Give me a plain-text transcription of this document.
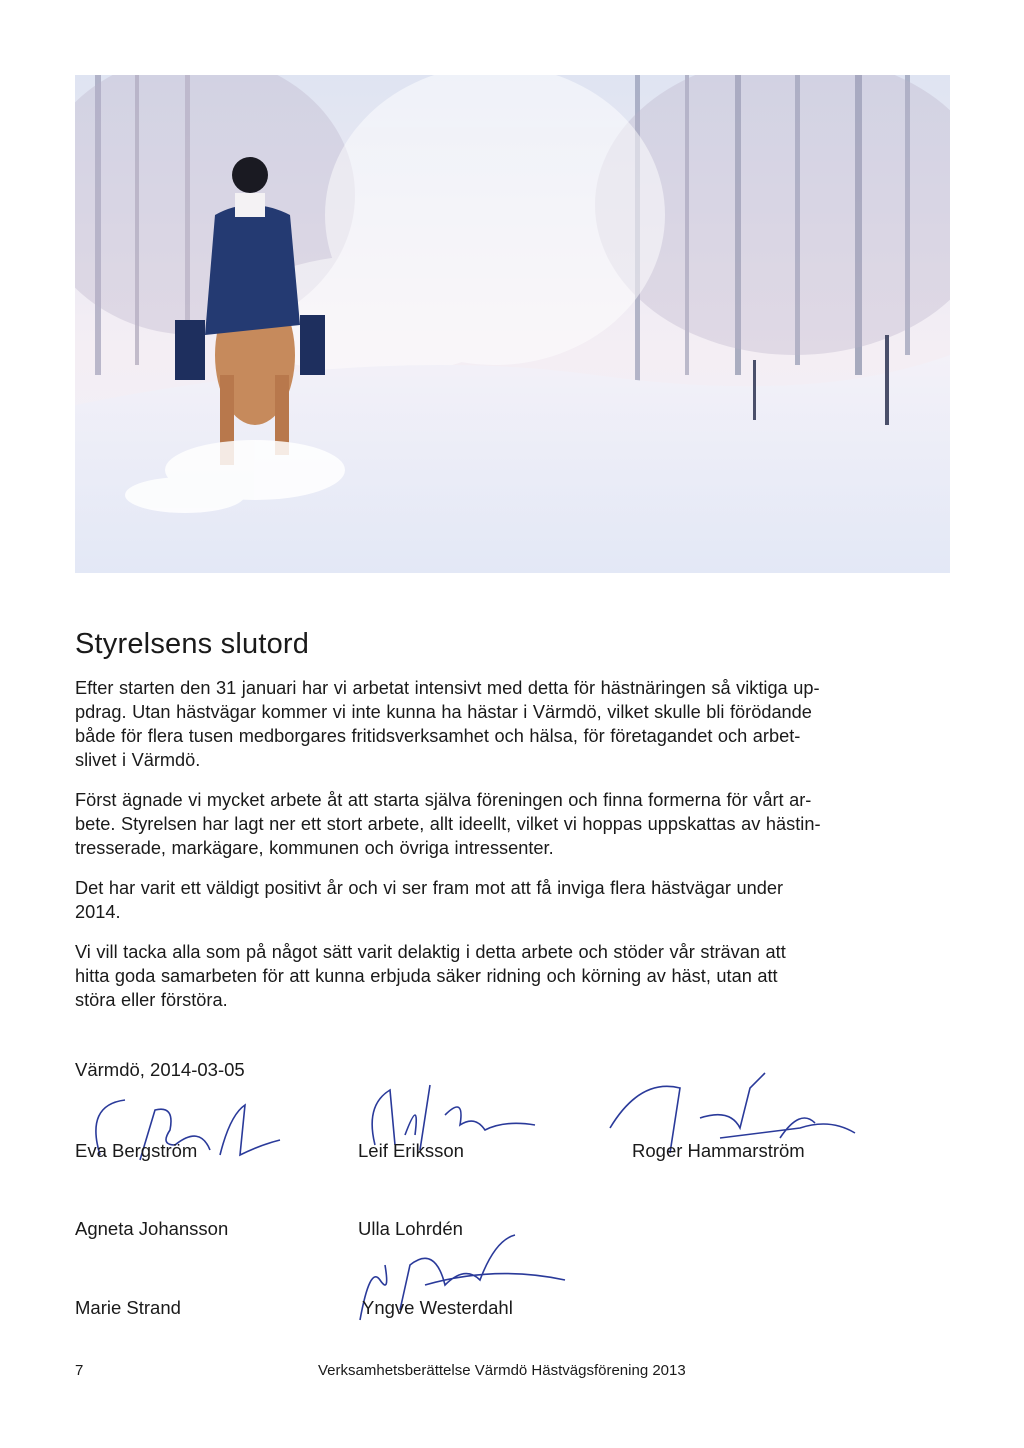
Styrelsens slutord

Efter starten den 31 januari har vi arbetat intensivt med detta för hästnäringen så viktiga up-
pdrag. Utan hästvägar kommer vi inte kunna ha hästar i Värmdö, vilket skulle bli förödande
både för flera tusen medborgares fritidsverksamhet och hälsa, för företagandet och arbet-
slivet i Värmdö.

Först ägnade vi mycket arbete åt att starta själva föreningen och finna formerna för vårt ar-
bete. Styrelsen har lagt ner ett stort arbete, allt ideellt, vilket vi hoppas uppskattas av hästin-
tresserade, markägare, kommunen och övriga intressenter.

Det har varit ett väldigt positivt år och vi ser fram mot att få inviga flera hästvägar under
2014.

Vi vill tacka alla som på något sätt varit delaktig i detta arbete och stöder vår strävan att
hitta goda samarbeten för att kunna erbjuda säker ridning och körning av häst, utan att
störa eller förstöra.

Värmdö, 2014-03-05
Eva Bergström	Leif Eriksson	Roger Hammarström
Agneta Johansson	Ulla Lohrdén
Marie Strand	Yngve Westerdahl
7	Verksamhetsberättelse Värmdö Hästvägsförening 2013
